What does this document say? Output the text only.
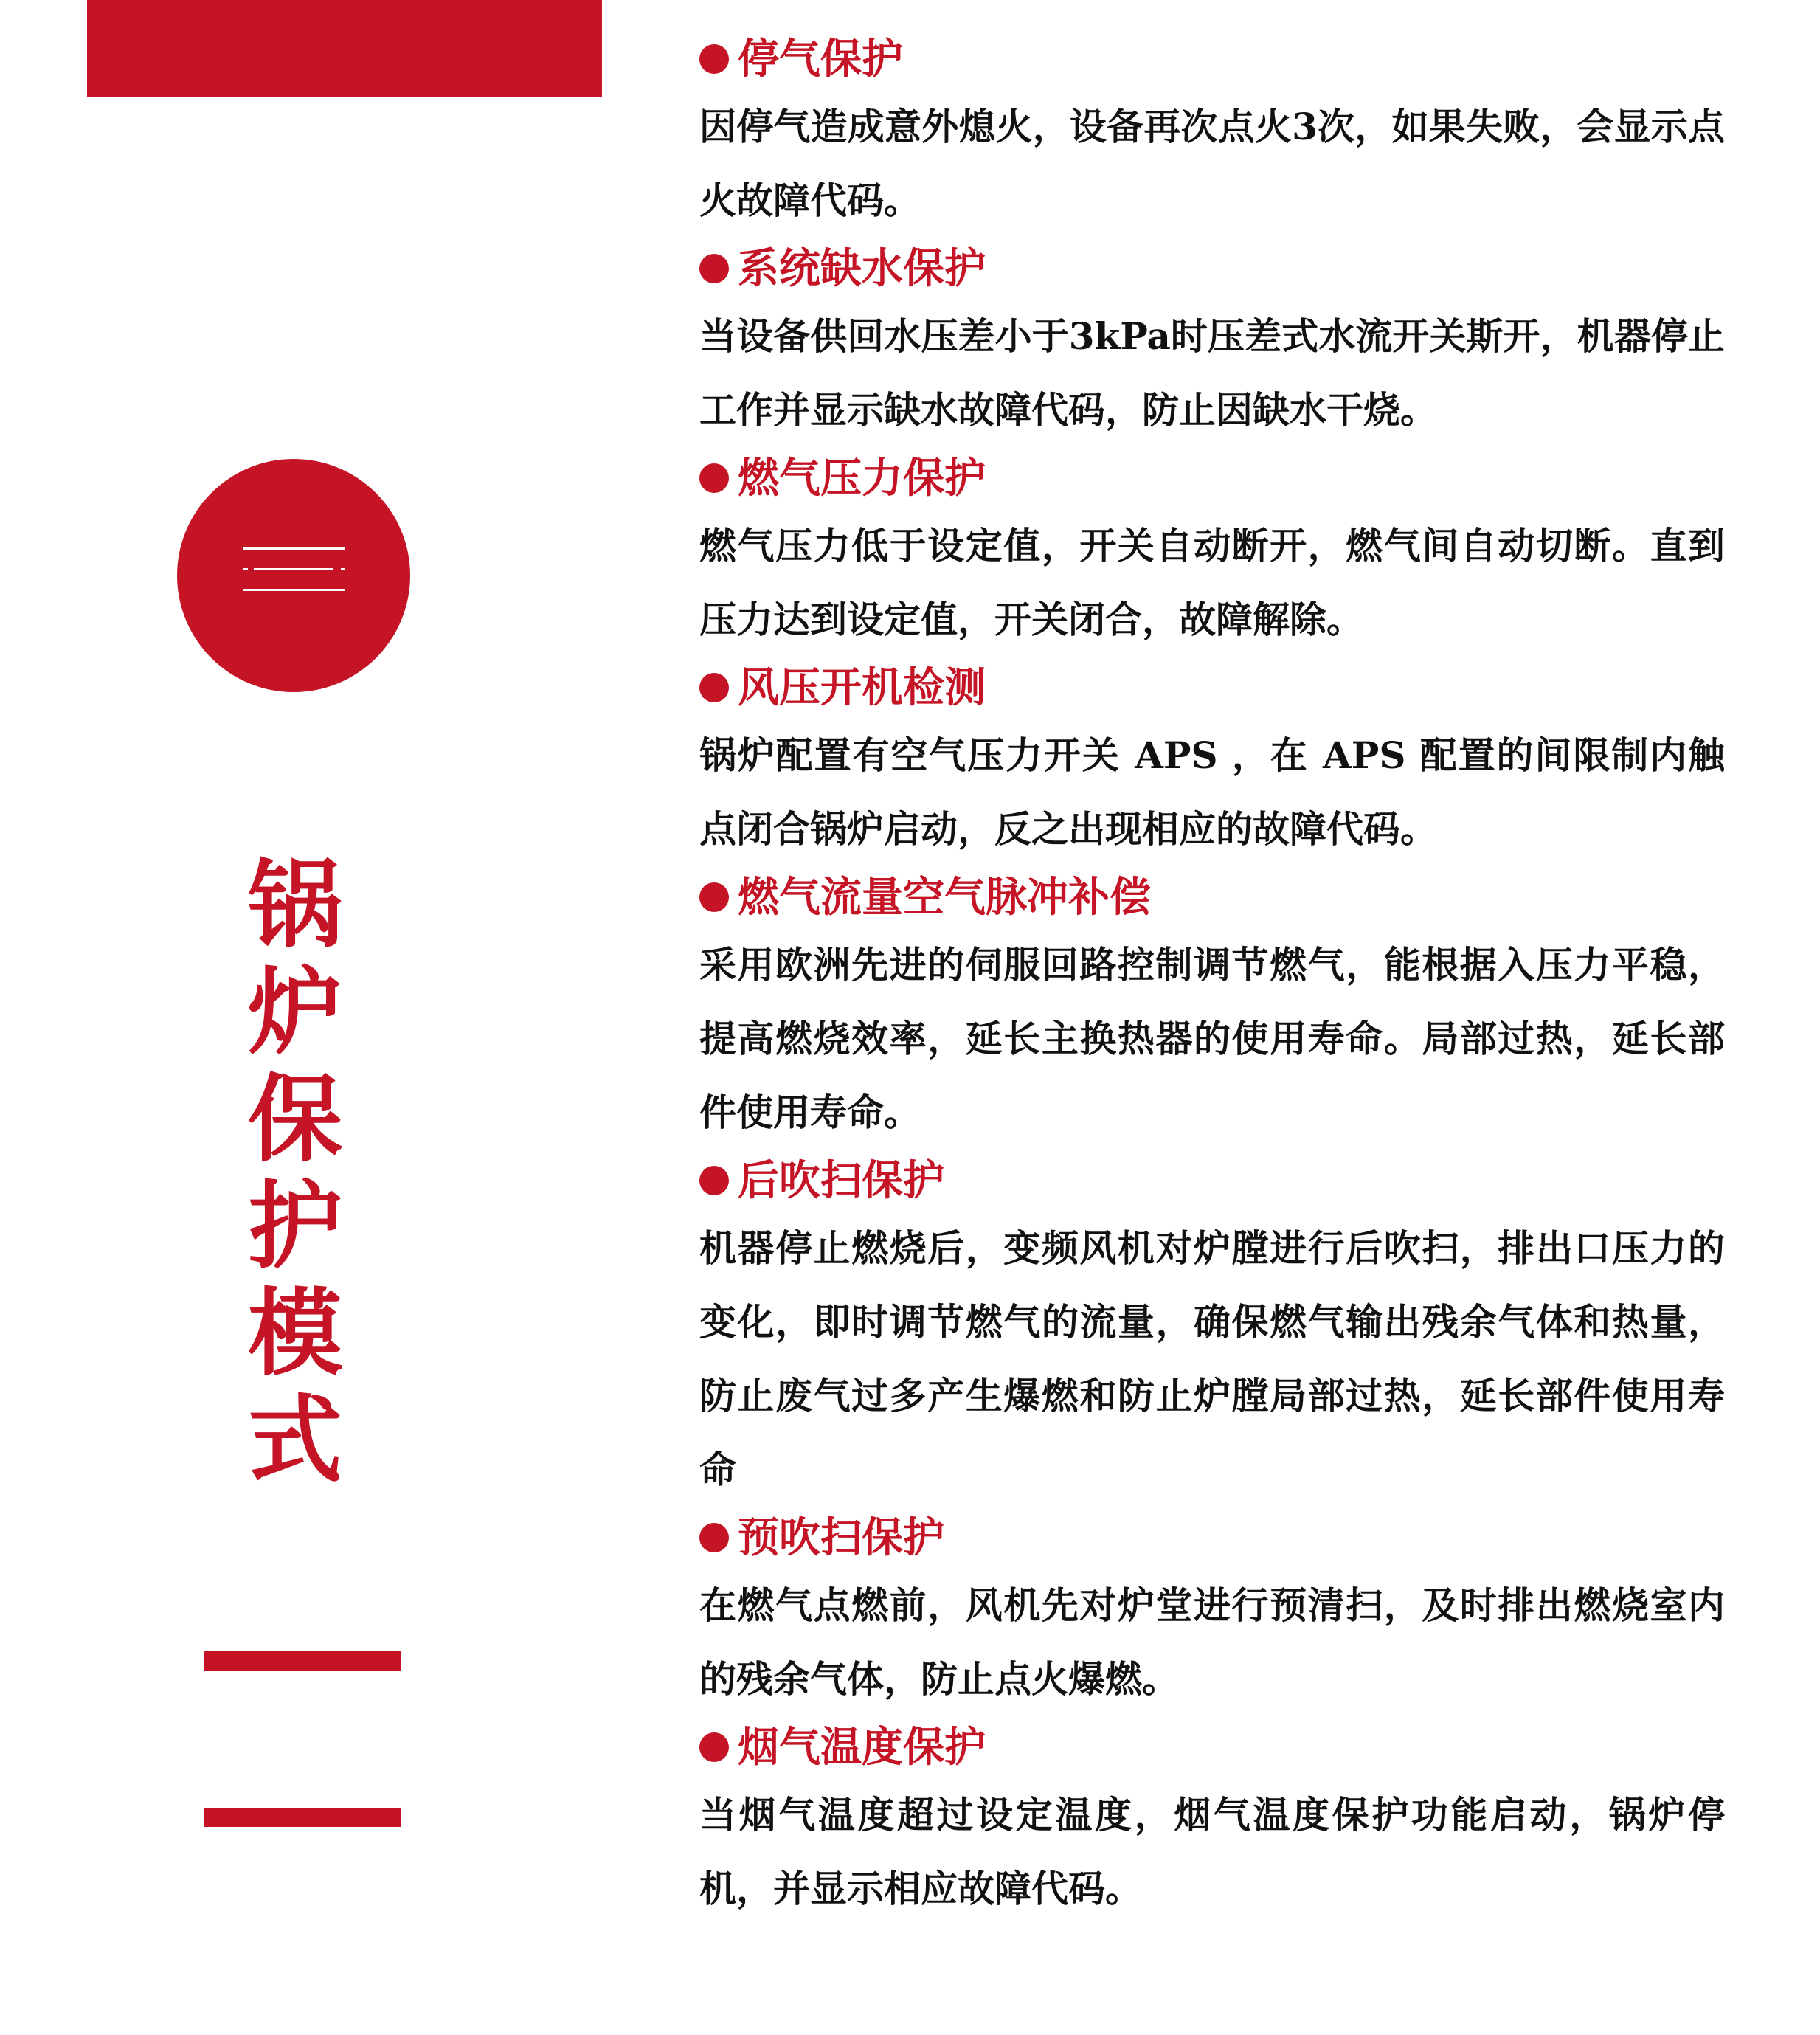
锅
炉
保
护
模
式
停气保护
因停气造成意外熄火，设备再次点火3次，如果失败，会显示点火故障代码。
系统缺水保护
当设备供回水压差小于3kPa时压差式水流开关斯开，机器停止工作并显示缺水故障代码，防止因缺水干烧。
燃气压力保护
燃气压力低于设定值，开关自动断开，燃气间自动切断。直到压力达到设定值，开关闭合，故障解除。
风压开机检测
锅炉配置有空气压力开关 APS ，在 APS 配置的间限制内触点闭合锅炉启动，反之出现相应的故障代码。
燃气流量空气脉冲补偿
采用欧洲先进的伺服回路控制调节燃气，能根据入压力平稳，提高燃烧效率，延长主换热器的使用寿命。局部过热，延长部件使用寿命。
后吹扫保护
机器停止燃烧后，变频风机对炉膛进行后吹扫，排出口压力的变化，即时调节燃气的流量，确保燃气输出残余气体和热量，防止废气过多产生爆燃和防止炉膛局部过热，延长部件使用寿命
预吹扫保护
在燃气点燃前，风机先对炉堂进行预清扫，及时排出燃烧室内的残余气体，防止点火爆燃。
烟气温度保护
当烟气温度超过设定温度，烟气温度保护功能启动，锅炉停机，并显示相应故障代码。
